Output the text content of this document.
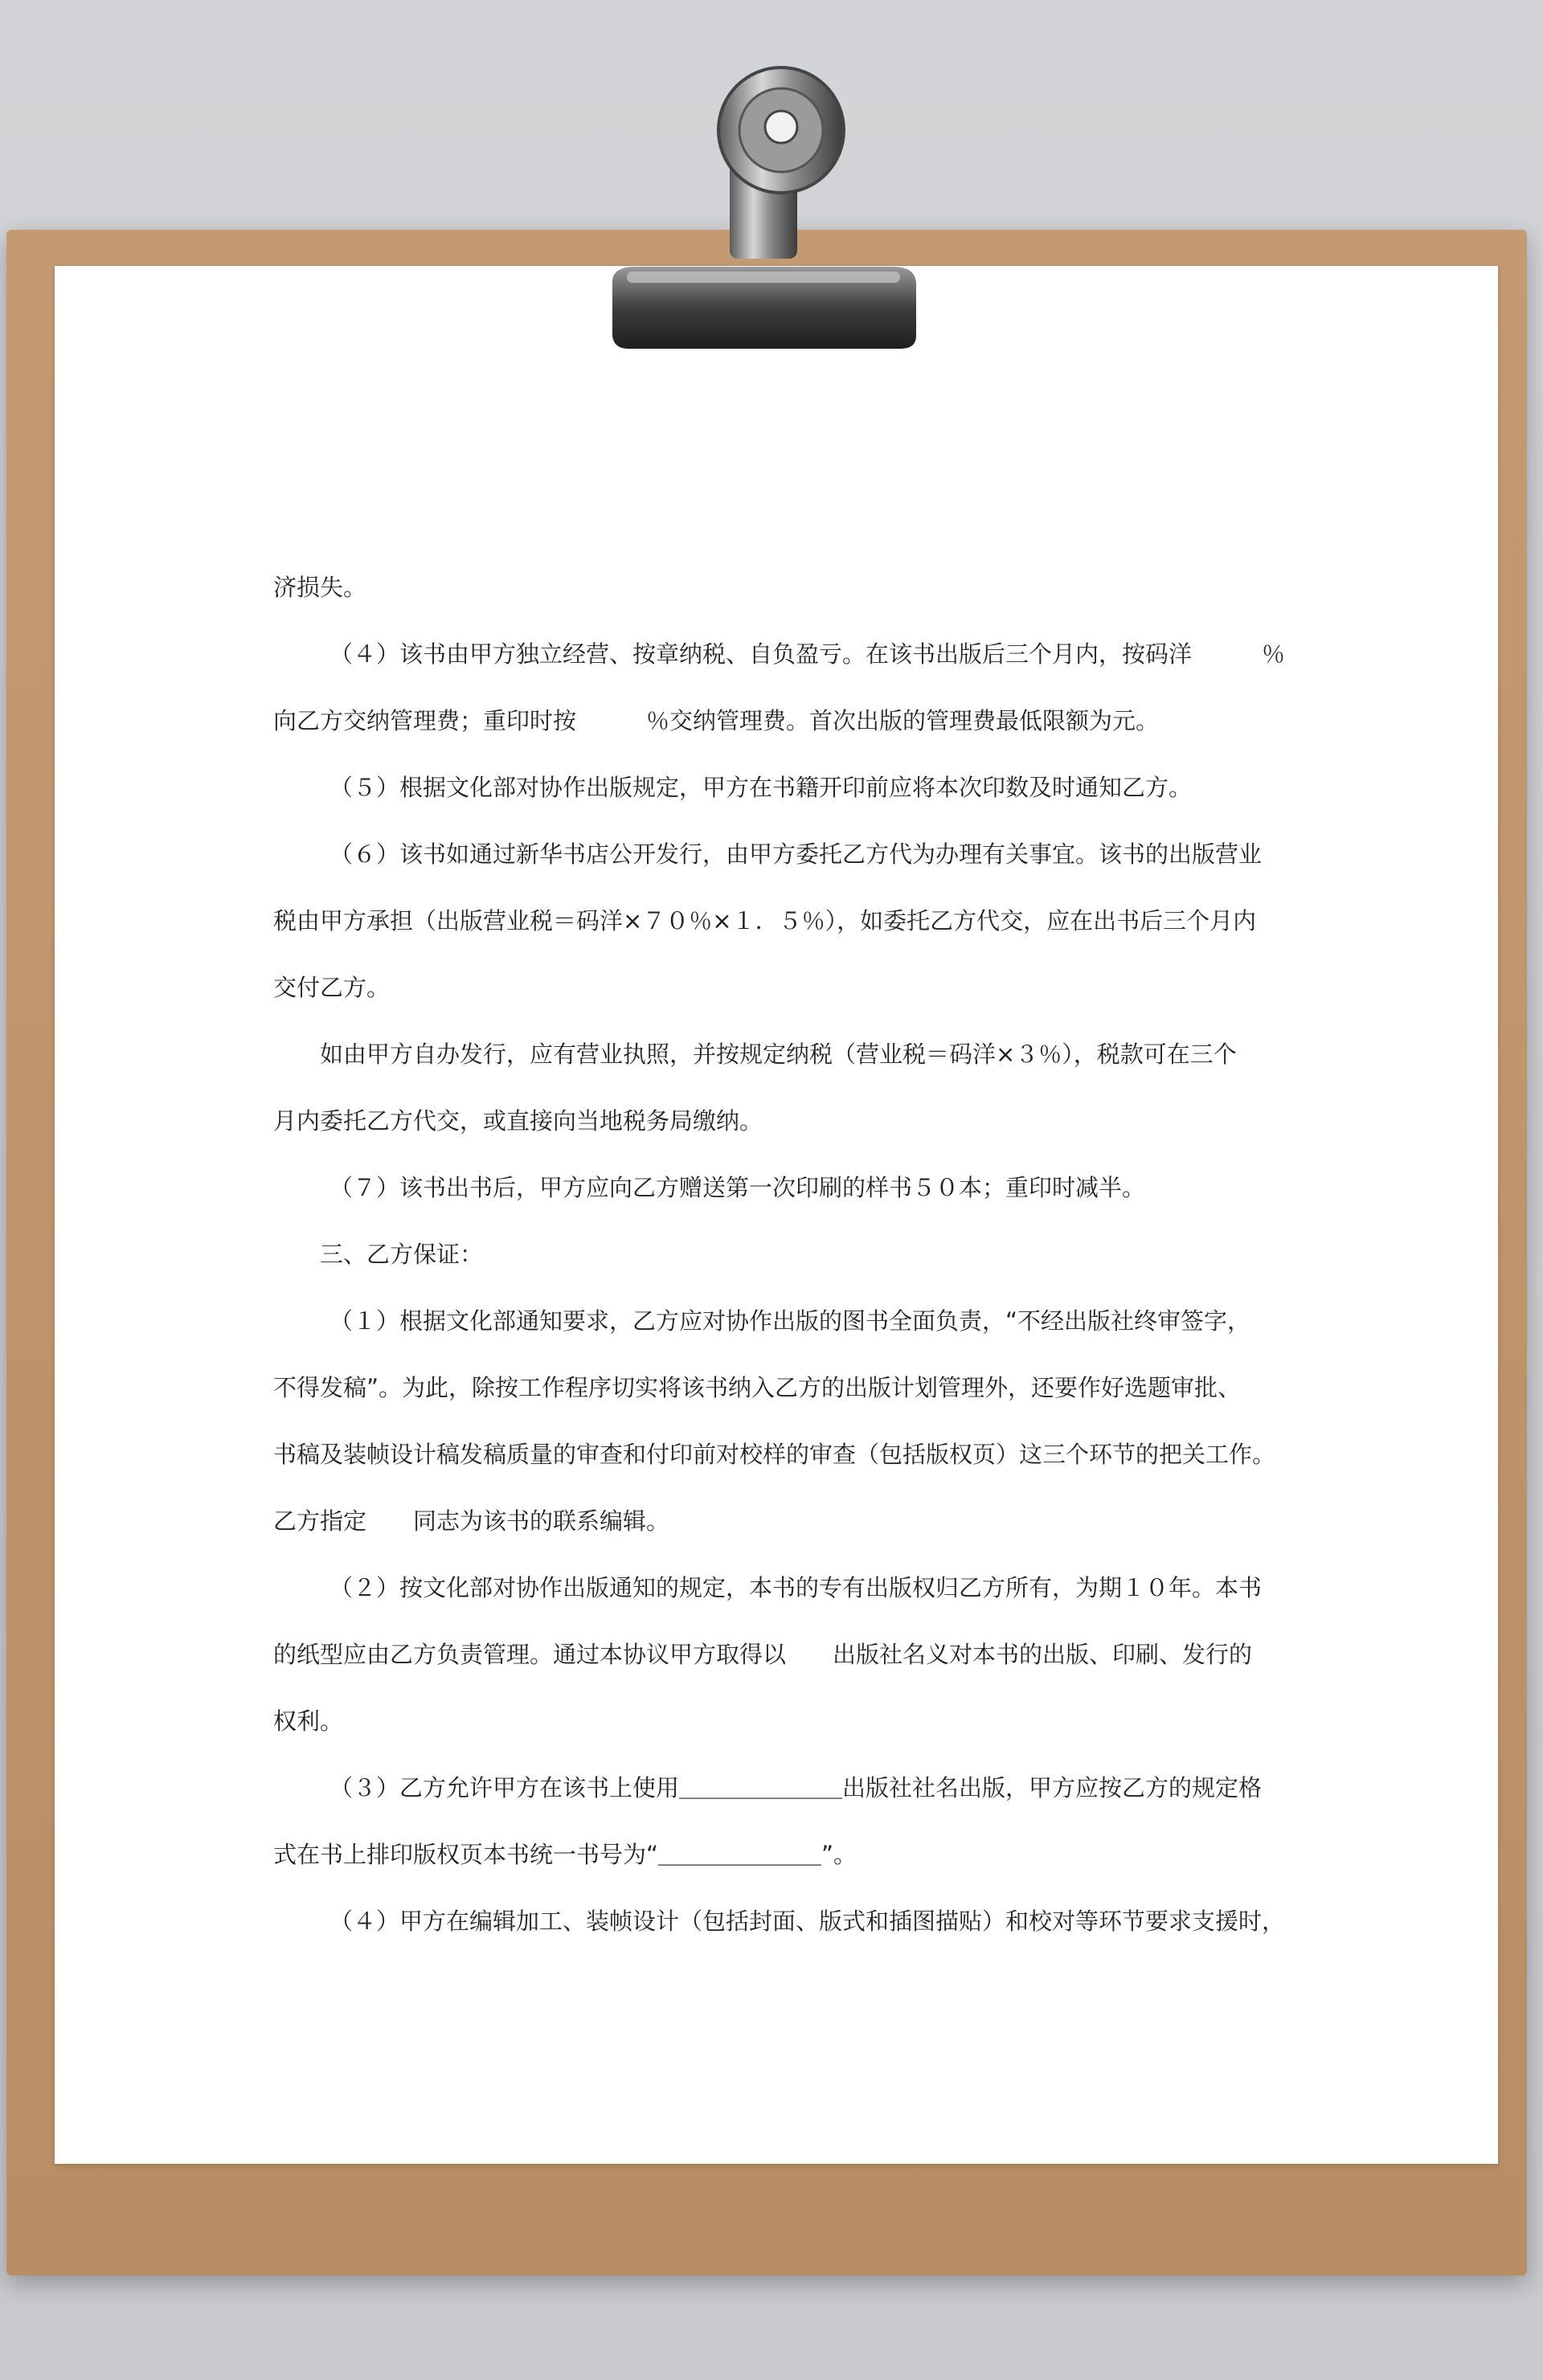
济损失。
（４）该书由甲方独立经营、按章纳税、自负盈亏。在该书出版后三个月内，按码洋　　　％
向乙方交纳管理费；重印时按　　　％交纳管理费。首次出版的管理费最低限额为元。
（５）根据文化部对协作出版规定，甲方在书籍开印前应将本次印数及时通知乙方。
（６）该书如通过新华书店公开发行，由甲方委托乙方代为办理有关事宜。该书的出版营业
税由甲方承担（出版营业税＝码洋×７０％×１．５％），如委托乙方代交，应在出书后三个月内
交付乙方。
如由甲方自办发行，应有营业执照，并按规定纳税（营业税＝码洋×３％），税款可在三个
月内委托乙方代交，或直接向当地税务局缴纳。
（７）该书出书后，甲方应向乙方赠送第一次印刷的样书５０本；重印时减半。
三、乙方保证：
（１）根据文化部通知要求，乙方应对协作出版的图书全面负责，“不经出版社终审签字，
不得发稿”。为此，除按工作程序切实将该书纳入乙方的出版计划管理外，还要作好选题审批、
书稿及装帧设计稿发稿质量的审查和付印前对校样的审查（包括版权页）这三个环节的把关工作。
乙方指定　　同志为该书的联系编辑。
（２）按文化部对协作出版通知的规定，本书的专有出版权归乙方所有，为期１０年。本书
的纸型应由乙方负责管理。通过本协议甲方取得以　　出版社名义对本书的出版、印刷、发行的
权利。
（３）乙方允许甲方在该书上使用＿＿＿＿＿＿＿出版社社名出版，甲方应按乙方的规定格
式在书上排印版权页本书统一书号为“＿＿＿＿＿＿＿”。
（４）甲方在编辑加工、装帧设计（包括封面、版式和插图描贴）和校对等环节要求支援时，
